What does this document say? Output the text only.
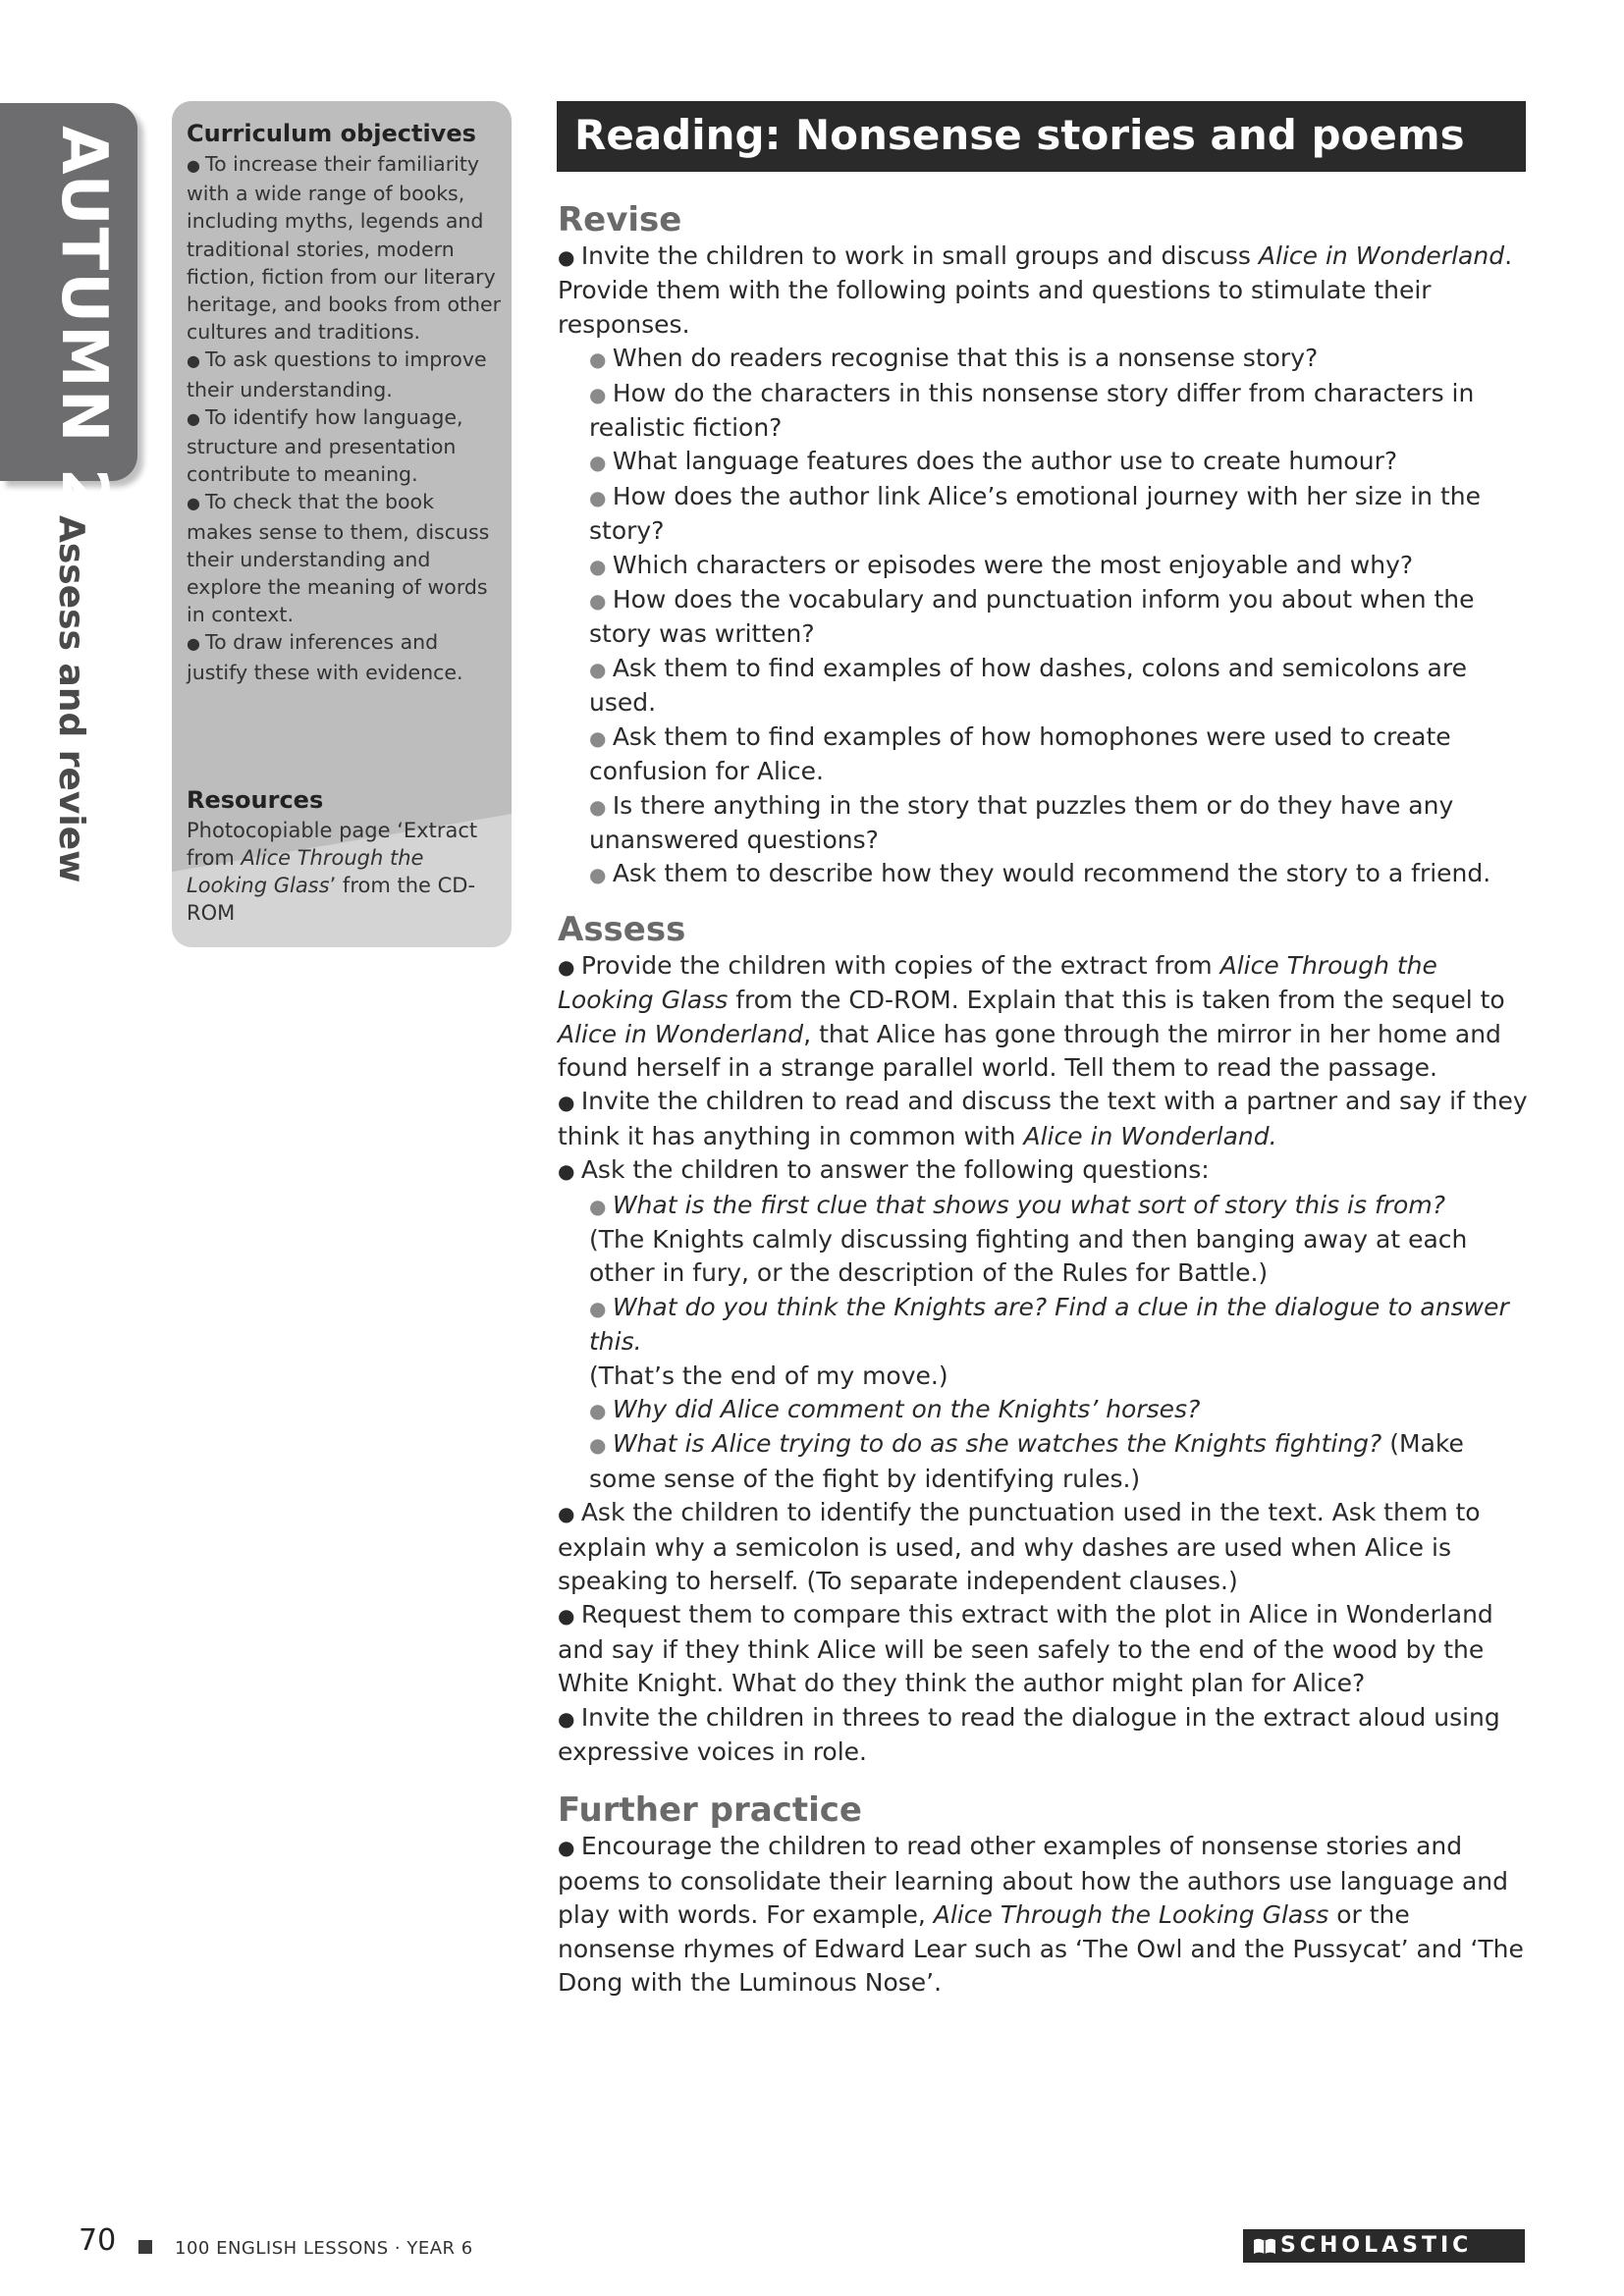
AUTUMN 2
Assess and review
Curriculum objectives
● To increase their familiarity with a wide range of books, including myths, legends and traditional stories, modern fiction, fiction from our literary heritage, and books from other cultures and traditions.
● To ask questions to improve their understanding.
● To identify how language, structure and presentation contribute to meaning.
● To check that the book makes sense to them, discuss their understanding and explore the meaning of words in context.
● To draw inferences and justify these with evidence.
Resources
Photocopiable page ‘Extract from Alice Through the Looking Glass’ from the CD-ROM
Reading: Nonsense stories and poems
Revise

● Invite the children to work in small groups and discuss Alice in Wonderland. Provide them with the following points and questions to stimulate their responses.

● When do readers recognise that this is a nonsense story?

● How do the characters in this nonsense story differ from characters in realistic fiction?

● What language features does the author use to create humour?

● How does the author link Alice’s emotional journey with her size in the story?

● Which characters or episodes were the most enjoyable and why?

● How does the vocabulary and punctuation inform you about when the story was written?

● Ask them to find examples of how dashes, colons and semicolons are used.

● Ask them to find examples of how homophones were used to create confusion for Alice.

● Is there anything in the story that puzzles them or do they have any unanswered questions?

● Ask them to describe how they would recommend the story to a friend.

Assess

● Provide the children with copies of the extract from Alice Through the Looking Glass from the CD-ROM. Explain that this is taken from the sequel to Alice in Wonderland, that Alice has gone through the mirror in her home and found herself in a strange parallel world. Tell them to read the passage.

● Invite the children to read and discuss the text with a partner and say if they think it has anything in common with Alice in Wonderland.

● Ask the children to answer the following questions:

● What is the first clue that shows you what sort of story this is from?

(The Knights calmly discussing fighting and then banging away at each other in fury, or the description of the Rules for Battle.)

● What do you think the Knights are? Find a clue in the dialogue to answer this.

(That’s the end of my move.)

● Why did Alice comment on the Knights’ horses?

● What is Alice trying to do as she watches the Knights fighting? (Make some sense of the fight by identifying rules.)

● Ask the children to identify the punctuation used in the text. Ask them to explain why a semicolon is used, and why dashes are used when Alice is speaking to herself. (To separate independent clauses.)

● Request them to compare this extract with the plot in Alice in Wonderland and say if they think Alice will be seen safely to the end of the wood by the White Knight. What do they think the author might plan for Alice?

● Invite the children in threes to read the dialogue in the extract aloud using expressive voices in role.

Further practice

● Encourage the children to read other examples of nonsense stories and poems to consolidate their learning about how the authors use language and play with words. For example, Alice Through the Looking Glass or the nonsense rhymes of Edward Lear such as ‘The Owl and the Pussycat’ and ‘The Dong with the Luminous Nose’.

70	100 ENGLISH LESSONS · YEAR 6	SCHOLASTIC
